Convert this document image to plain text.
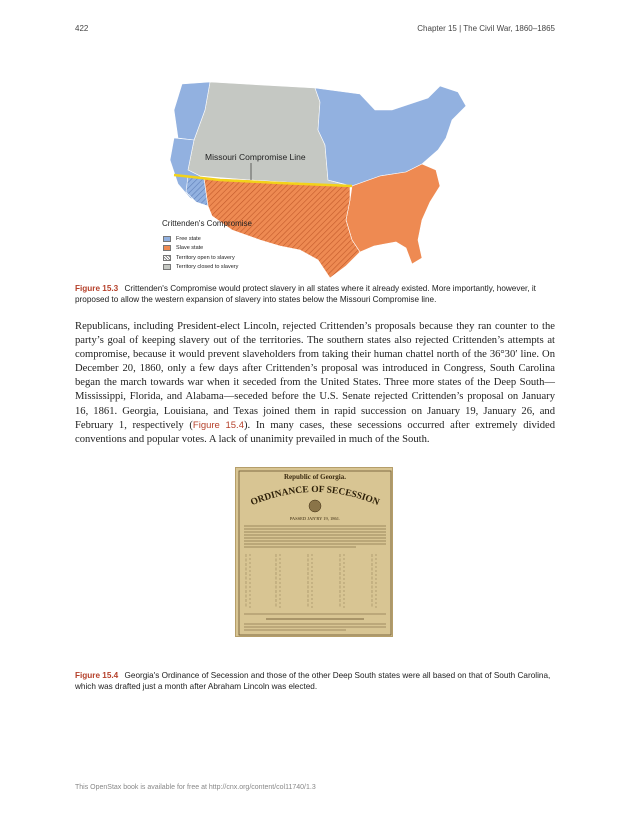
422	Chapter 15 | The Civil War, 1860–1865
Missouri Compromise Line
Crittenden's Compromise
Free state
Slave state
Territory open to slavery
Territory closed to slavery
Figure 15.3 Crittenden's Compromise would protect slavery in all states where it already existed. More importantly, however, it proposed to allow the western expansion of slavery into states below the Missouri Compromise line.
Republicans, including President-elect Lincoln, rejected Crittenden’s proposals because they ran counter to the party’s goal of keeping slavery out of the territories. The southern states also rejected Crittenden’s attempts at compromise, because it would prevent slaveholders from taking their human chattel north of the 36°30′ line. On December 20, 1860, only a few days after Crittenden’s proposal was introduced in Congress, South Carolina began the march towards war when it seceded from the United States. Three more states of the Deep South—Mississippi, Florida, and Alabama—seceded before the U.S. Senate rejected Crittenden’s proposal on January 16, 1861. Georgia, Louisiana, and Texas joined them in rapid succession on January 19, January 26, and February 1, respectively (Figure 15.4). In many cases, these secessions occurred after extremely divided conventions and popular votes. A lack of unanimity prevailed in much of the South.
Republic of Georgia.
ORDINANCE OF SECESSION
PASSED JAN'RY 19, 1861.
Figure 15.4 Georgia's Ordinance of Secession and those of the other Deep South states were all based on that of South Carolina, which was drafted just a month after Abraham Lincoln was elected.
This OpenStax book is available for free at http://cnx.org/content/col11740/1.3
